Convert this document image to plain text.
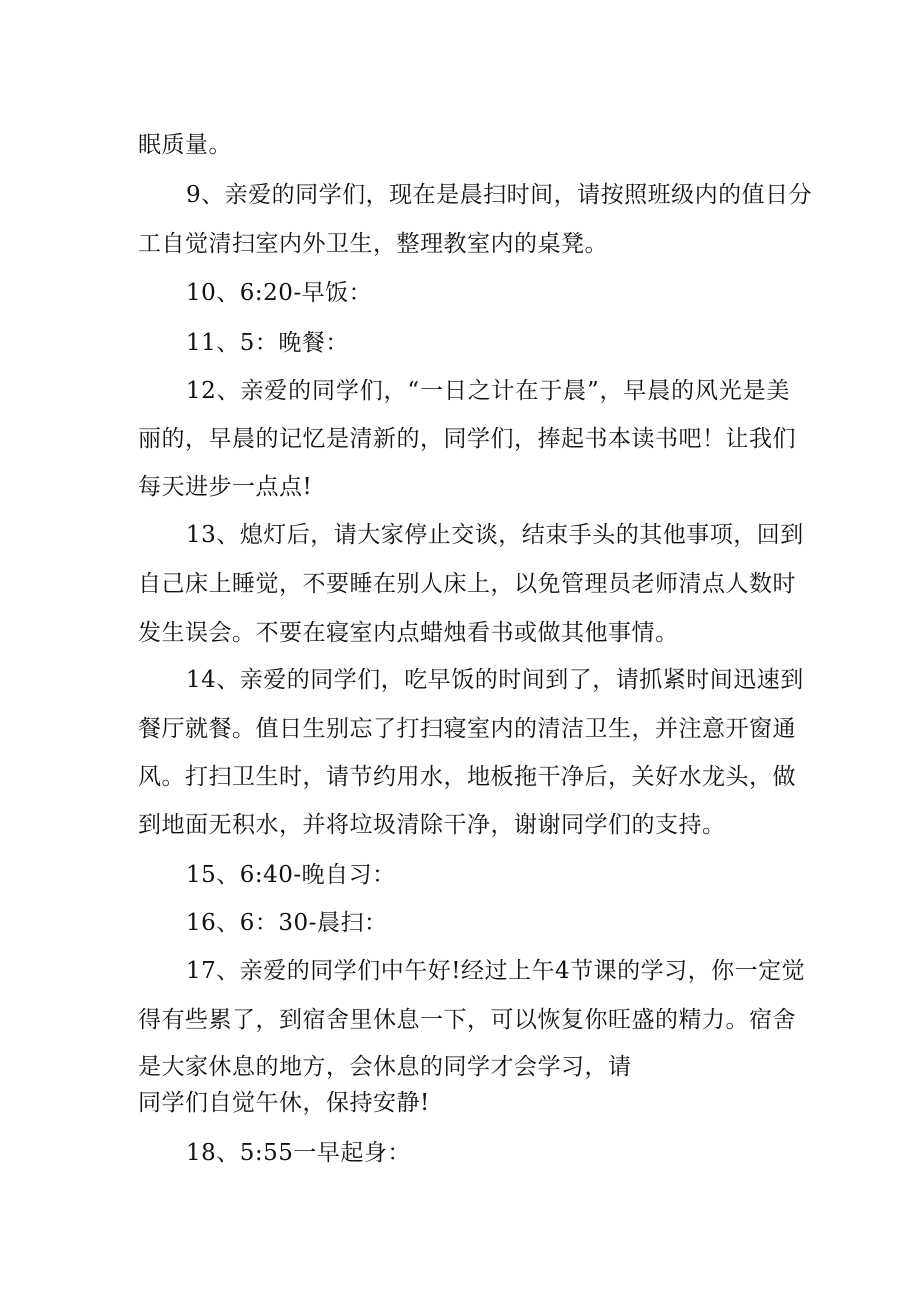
眠质量。
9、亲爱的同学们，现在是晨扫时间，请按照班级内的值日分
工自觉清扫室内外卫生，整理教室内的桌凳。
10、6:20-早饭：
11、5：晚餐：
12、亲爱的同学们，“一日之计在于晨”，早晨的风光是美
丽的，早晨的记忆是清新的，同学们，捧起书本读书吧！让我们
每天进步一点点!
13、熄灯后，请大家停止交谈，结束手头的其他事项，回到
自己床上睡觉，不要睡在别人床上，以免管理员老师清点人数时
发生误会。不要在寝室内点蜡烛看书或做其他事情。
14、亲爱的同学们，吃早饭的时间到了，请抓紧时间迅速到
餐厅就餐。值日生别忘了打扫寝室内的清洁卫生，并注意开窗通
风。打扫卫生时，请节约用水，地板拖干净后，关好水龙头，做
到地面无积水，并将垃圾清除干净，谢谢同学们的支持。
15、6:40-晚自习：
16、6：30-晨扫：
17、亲爱的同学们中午好!经过上午4节课的学习，你一定觉
得有些累了，到宿舍里休息一下，可以恢复你旺盛的精力。宿舍
是大家休息的地方，会休息的同学才会学习，请
同学们自觉午休，保持安静!
18、5:55一早起身：
